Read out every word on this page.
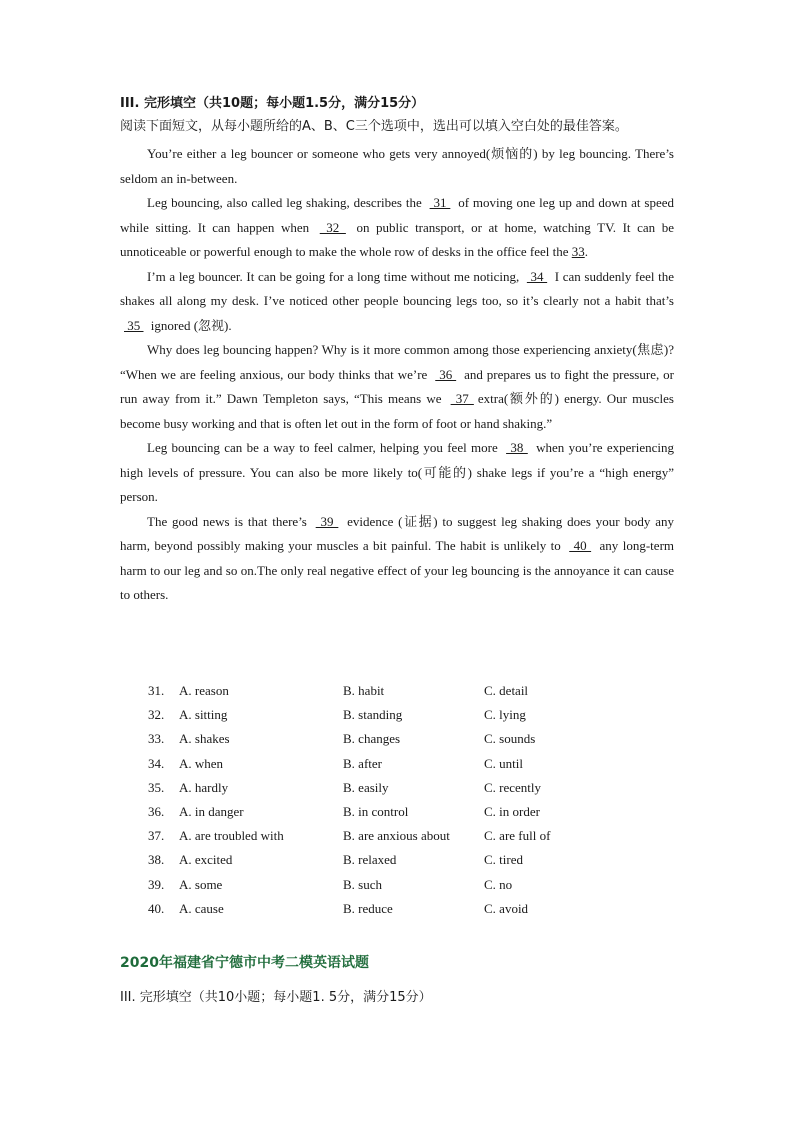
III. 完形填空（共10题；每小题1.5分，满分15分）

阅读下面短文，从每小题所给的A、B、C三个选项中，选出可以填入空白处的最佳答案。

You’re either a leg bouncer or someone who gets very annoyed(烦恼的) by leg bouncing. There’s seldom an in-between.

Leg bouncing, also called leg shaking, describes the  31  of moving one leg up and down at speed while sitting. It can happen when  32  on public transport, or at home, watching TV. It can be unnoticeable or powerful enough to make the whole row of desks in the office feel the 33.

I’m a leg bouncer. It can be going for a long time without me noticing,  34  I can suddenly feel the shakes all along my desk. I’ve noticed other people bouncing legs too, so it’s clearly not a habit that’s  35  ignored (忽视).

Why does leg bouncing happen? Why is it more common among those experiencing anxiety(焦虑)? “When we are feeling anxious, our body thinks that we’re  36  and prepares us to fight the pressure, or run away from it.” Dawn Templeton says, “This means we  37 extra(额外的) energy. Our muscles become busy working and that is often let out in the form of foot or hand shaking.”

Leg bouncing can be a way to feel calmer, helping you feel more  38  when you’re experiencing high levels of pressure. You can also be more likely to(可能的) shake legs if you’re a “high energy” person.

The good news is that there’s  39  evidence (证据) to suggest leg shaking does your body any harm, beyond possibly making your muscles a bit painful. The habit is unlikely to  40  any long-term harm to our leg and so on.The only real negative effect of your leg bouncing is the annoyance it can cause to others.

31. A. reason	B. habit	C. detail
32. A. sitting	B. standing	C. lying
33. A. shakes	B. changes	C. sounds
34. A. when	B. after	C. until
35. A. hardly	B. easily	C. recently
36. A. in danger	B. in control	C. in order
37. A. are troubled with	B. are anxious about	C. are full of
38. A. excited	B. relaxed	C. tired
39. A. some	B. such	C. no
40. A. cause	B. reduce	C. avoid

2020年福建省宁德市中考二模英语试题

III. 完形填空（共10小题；每小题1. 5分，满分15分）
